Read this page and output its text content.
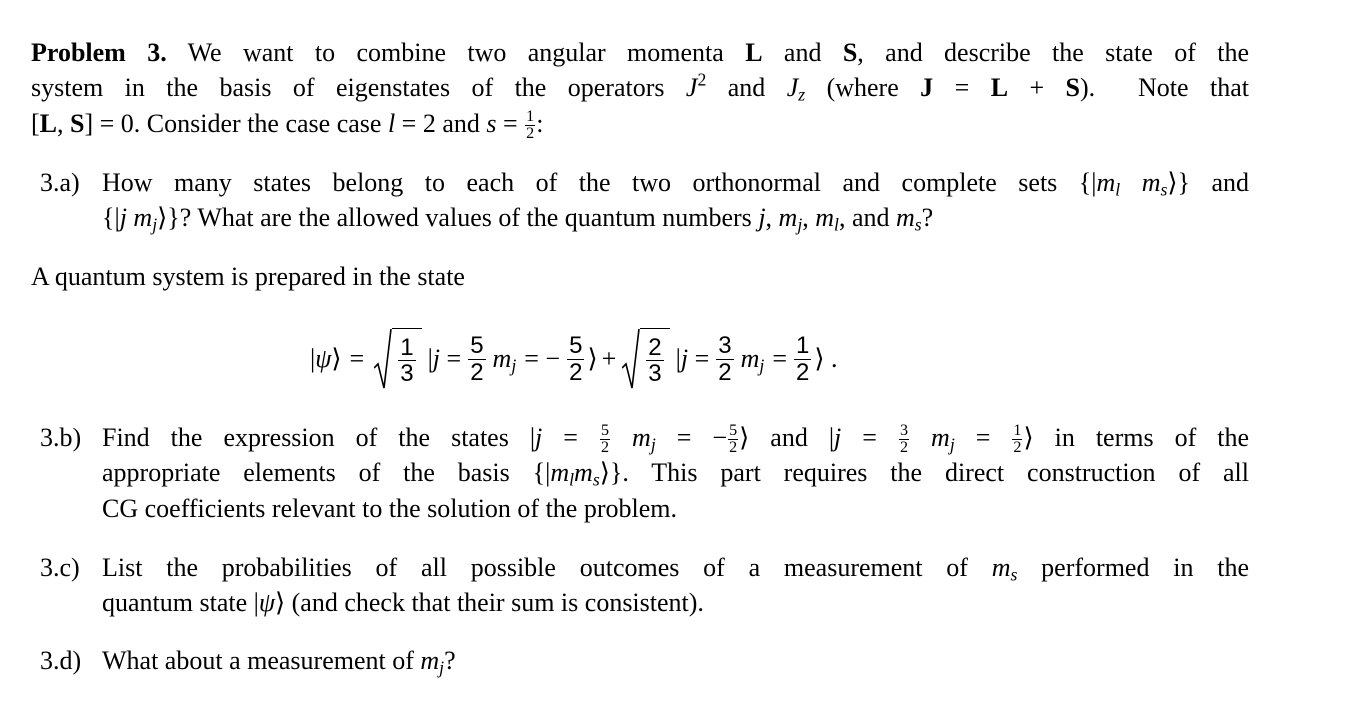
Problem 3. We want to combine two angular momenta L and S, and describe the state of the
system in the basis of eigenstates of the operators $J^2$ and $J_z$ (where J = L + S).  Note that
[L, S] = 0. Consider the case case l = 2 and $s = \frac{1}{2}$ :
3.a) How many states belong to each of the two orthonormal and complete sets {$|m_l$ $m_s⟩$} and
{|j $m_j⟩$}? What are the allowed values of the quantum numbers j, $m_j$, $m_l$, and $m_s$?
A quantum system is prepared in the state
|ψ⟩ = 1
3
$|j = \frac{5}{2} m_j$ = − $\frac{5}{2}$ ⟩ + 2
3
$|j = \frac{3}{2} m_j = \frac{1}{2}$ ⟩ .
3.b) Find the expression of the states $|j = \frac{5}{2} m_j$ = − $\frac{5}{2}$ ⟩ and $|j = \frac{3}{2} m_j = \frac{1}{2}$ ⟩ in terms of the
appropriate elements of the basis $\{|m_lm_s⟩\}$. This part requires the direct construction of all
CG coefficients relevant to the solution of the problem.
3.c) List the probabilities of all possible outcomes of a measurement of $m_s$ performed in the
quantum state |ψ⟩ (and check that their sum is consistent).
3.d) What about a measurement of $m_j$?
